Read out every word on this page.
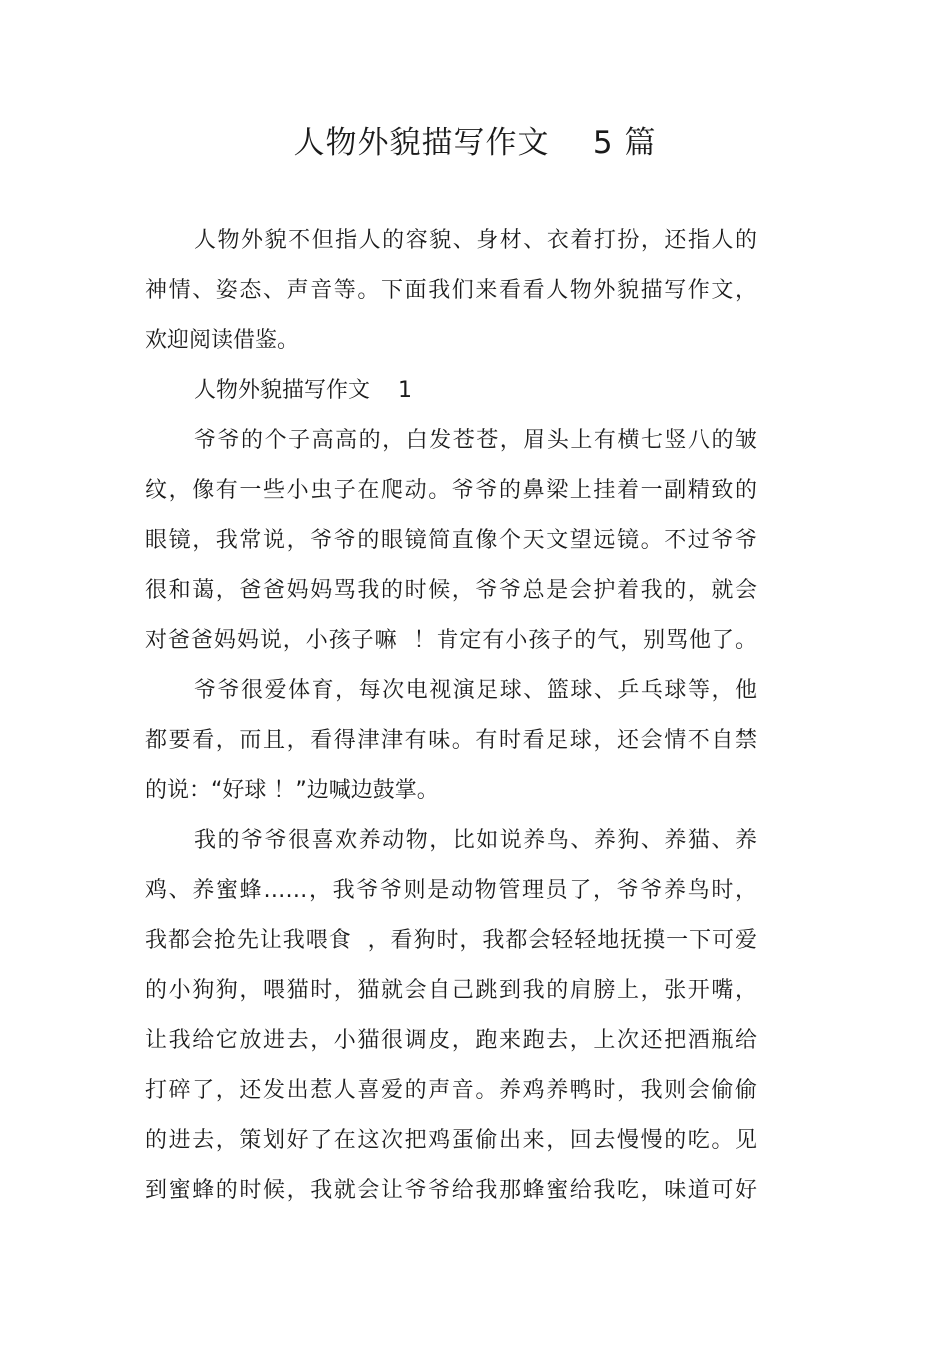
人物外貌描写作文    5 篇
人物外貌不但指人的容貌、身材、衣着打扮，还指人的
神情、姿态、声音等。下面我们来看看人物外貌描写作文，
欢迎阅读借鉴。
人物外貌描写作文    1
爷爷的个子高高的，白发苍苍，眉头上有横七竖八的皱
纹，像有一些小虫子在爬动。爷爷的鼻梁上挂着一副精致的
眼镜，我常说，爷爷的眼镜简直像个天文望远镜。不过爷爷
很和蔼，爸爸妈妈骂我的时候，爷爷总是会护着我的，就会
对爸爸妈妈说，小孩子嘛  ！肯定有小孩子的气，别骂他了。
爷爷很爱体育，每次电视演足球、篮球、乒乓球等，他
都要看，而且，看得津津有味。有时看足球，还会情不自禁
的说：“好球 ！”边喊边鼓掌。
我的爷爷很喜欢养动物，比如说养鸟、养狗、养猫、养
鸡、养蜜蜂……，我爷爷则是动物管理员了，爷爷养鸟时，
我都会抢先让我喂食  ，看狗时，我都会轻轻地抚摸一下可爱
的小狗狗，喂猫时，猫就会自己跳到我的肩膀上，张开嘴，
让我给它放进去，小猫很调皮，跑来跑去，上次还把酒瓶给
打碎了，还发出惹人喜爱的声音。养鸡养鸭时，我则会偷偷
的进去，策划好了在这次把鸡蛋偷出来，回去慢慢的吃。见
到蜜蜂的时候，我就会让爷爷给我那蜂蜜给我吃，味道可好
